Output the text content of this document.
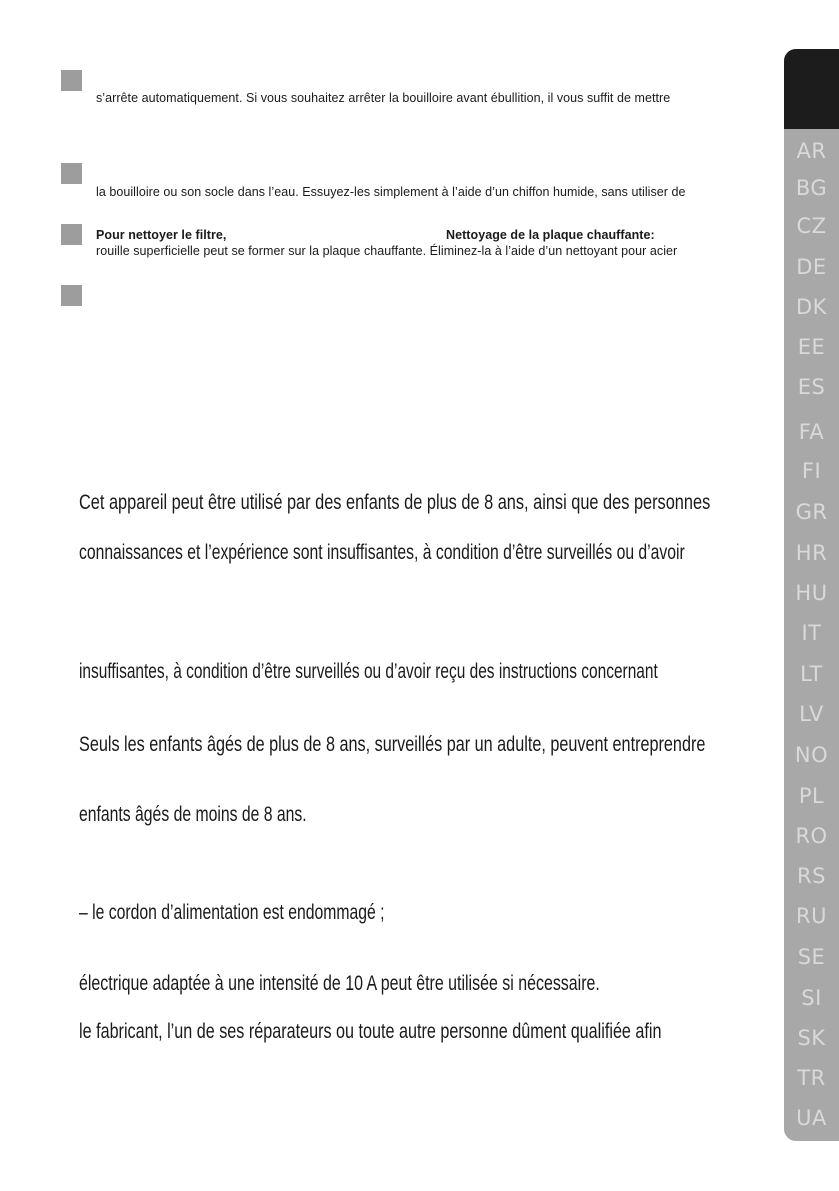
s’arrête automatiquement. Si vous souhaitez arrêter la bouilloire avant ébullition, il vous suffit de mettre
la bouilloire ou son socle dans l’eau. Essuyez-les simplement à l’aide d’un chiffon humide, sans utiliser de
Pour nettoyer le filtre,	Nettoyage de la plaque chauffante:
rouille superficielle peut se former sur la plaque chauffante. Éliminez-la à l’aide d’un nettoyant pour acier
Cet appareil peut être utilisé par des enfants de plus de 8 ans, ainsi que des personnes
connaissances et l’expérience sont insuffisantes, à condition d’être surveillés ou d’avoir
insuffisantes, à condition d’être surveillés ou d’avoir reçu des instructions concernant
Seuls les enfants âgés de plus de 8 ans, surveillés par un adulte, peuvent entreprendre
enfants âgés de moins de 8 ans.
– le cordon d’alimentation est endommagé ;
électrique adaptée à une intensité de 10 A peut être utilisée si nécessaire.
le fabricant, l’un de ses réparateurs ou toute autre personne dûment qualifiée afin
AR
BG
CZ
DE
DK
EE
ES
FA
FI
GR
HR
HU
IT
LT
LV
NO
PL
RO
RS
RU
SE
SI
SK
TR
UA
